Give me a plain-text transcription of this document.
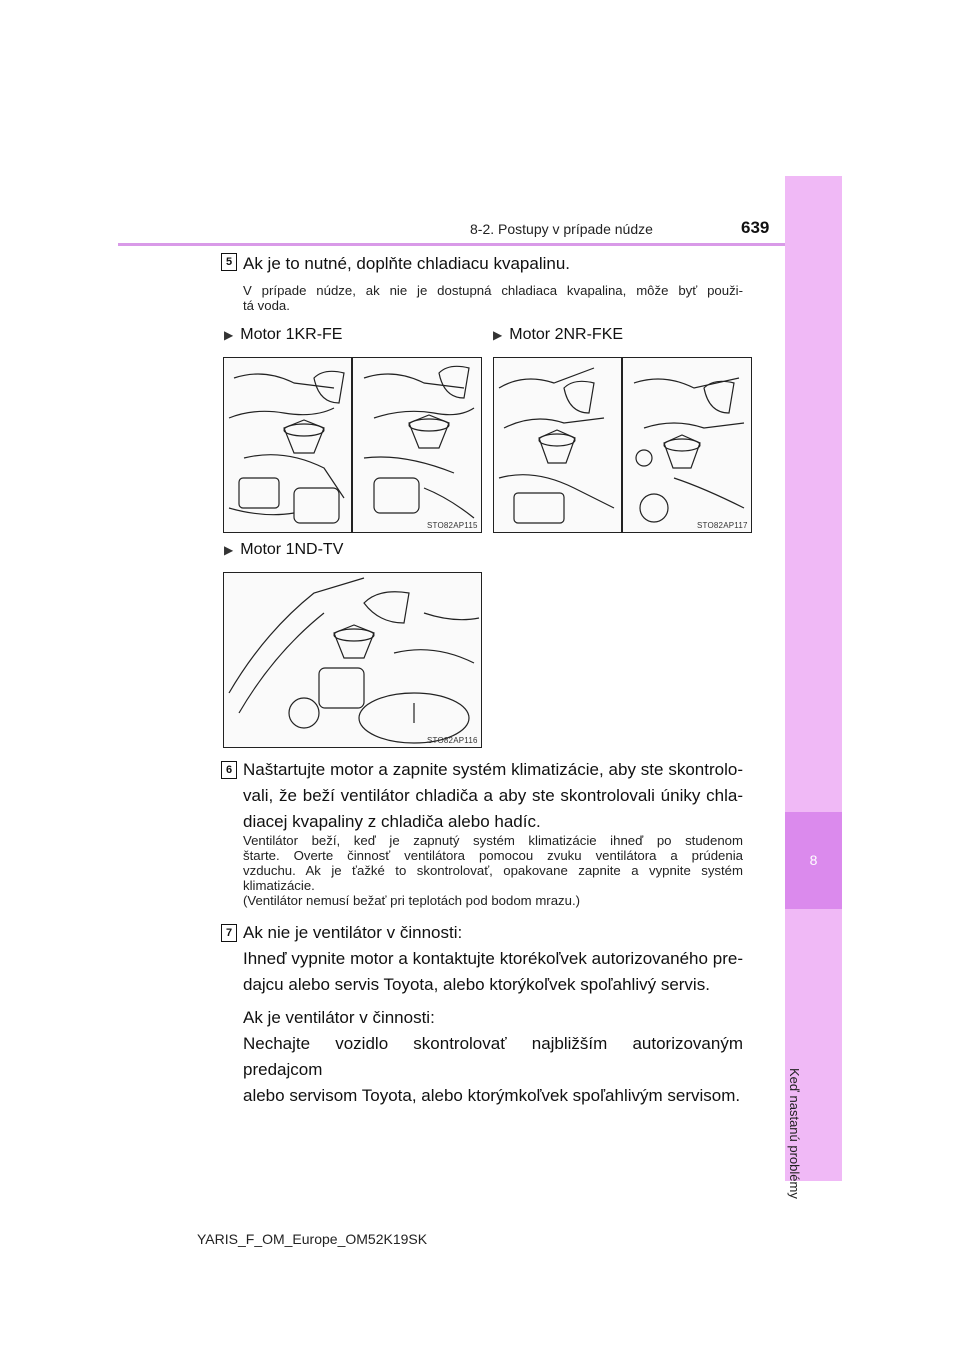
8
Keď nastanú problémy
8-2. Postupy v prípade núdze	639
5 Ak je to nutné, doplňte chladiacu kvapalinu.
V prípade núdze, ak nie je dostupná chladiaca kvapalina, môže byť použi-
tá voda.
▶ Motor 1KR-FE	▶ Motor 2NR-FKE
STO82AP115	STO82AP117
▶ Motor 1ND-TV
STO82AP116
6 Naštartujte motor a zapnite systém klimatizácie, aby ste skontrolo-
vali, že beží ventilátor chladiča a aby ste skontrolovali úniky chla-
diacej kvapaliny z chladiča alebo hadíc.
Ventilátor beží, keď je zapnutý systém klimatizácie ihneď po studenom
štarte. Overte činnosť ventilátora pomocou zvuku ventilátora a prúdenia
vzduchu. Ak je ťažké to skontrolovať, opakovane zapnite a vypnite systém
klimatizácie.
(Ventilátor nemusí bežať pri teplotách pod bodom mrazu.)
7 Ak nie je ventilátor v činnosti:
Ihneď vypnite motor a kontaktujte ktorékoľvek autorizovaného pre-
dajcu alebo servis Toyota, alebo ktorýkoľvek spoľahlivý servis.
Ak je ventilátor v činnosti:
Nechajte vozidlo skontrolovať najbližším autorizovaným predajcom
alebo servisom Toyota, alebo ktorýmkoľvek spoľahlivým servisom.
YARIS_F_OM_Europe_OM52K19SK
